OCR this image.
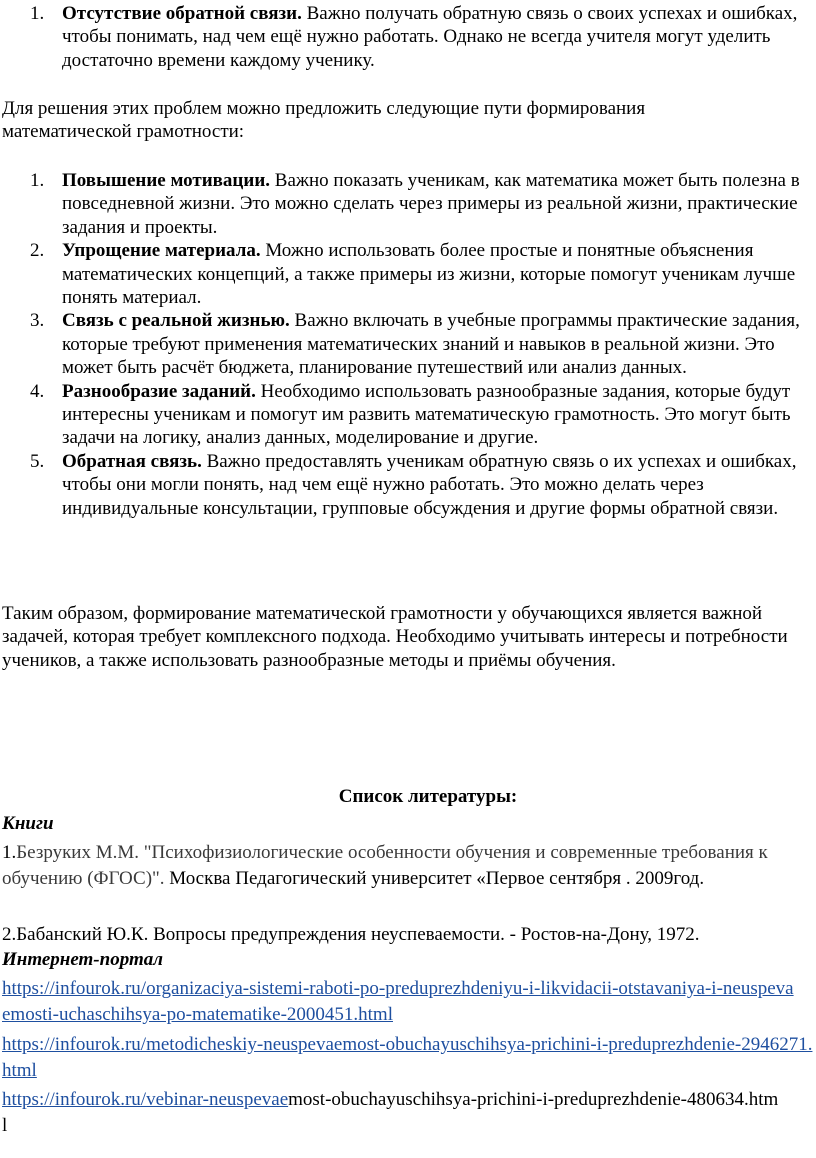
1. Отсутствие обратной связи. Важно получать обратную связь о своих успехах и ошибках, чтобы понимать, над чем ещё нужно работать. Однако не всегда учителя могут уделить достаточно времени каждому ученику.

Для решения этих проблем можно предложить следующие пути формирования математической грамотности:

1. Повышение мотивации. Важно показать ученикам, как математика может быть полезна в повседневной жизни. Это можно сделать через примеры из реальной жизни, практические задания и проекты.
2. Упрощение материала. Можно использовать более простые и понятные объяснения математических концепций, а также примеры из жизни, которые помогут ученикам лучше понять материал.
3. Связь с реальной жизнью. Важно включать в учебные программы практические задания, которые требуют применения математических знаний и навыков в реальной жизни. Это может быть расчёт бюджета, планирование путешествий или анализ данных.
4. Разнообразие заданий. Необходимо использовать разнообразные задания, которые будут интересны ученикам и помогут им развить математическую грамотность. Это могут быть задачи на логику, анализ данных, моделирование и другие.
5. Обратная связь. Важно предоставлять ученикам обратную связь о их успехах и ошибках, чтобы они могли понять, над чем ещё нужно работать. Это можно делать через индивидуальные консультации, групповые обсуждения и другие формы обратной связи.

Таким образом, формирование математической грамотности у обучающихся является важной задачей, которая требует комплексного подхода. Необходимо учитывать интересы и потребности учеников, а также использовать разнообразные методы и приёмы обучения.

Список литературы:

Книги

1.Безруких М.М. "Психофизиологические особенности обучения и современные требования к обучению (ФГОС)". Москва Педагогический университет «Первое сентября . 2009год.

2.Бабанский Ю.К. Вопросы предупреждения неуспеваемости. - Ростов-на-Дону, 1972.

Интернет-портал

https://infourok.ru/organizaciya-sistemi-raboti-po-preduprezhdeniyu-i-likvidacii-otstavaniya-i-neuspevaemosti-uchaschihsya-po-matematike-2000451.html

https://infourok.ru/metodicheskiy-neuspevaemost-obuchayuschihsya-prichini-i-preduprezhdenie-2946271.html

https://infourok.ru/vebinar-neuspevaemost-obuchayuschihsya-prichini-i-preduprezhdenie-480634.html
